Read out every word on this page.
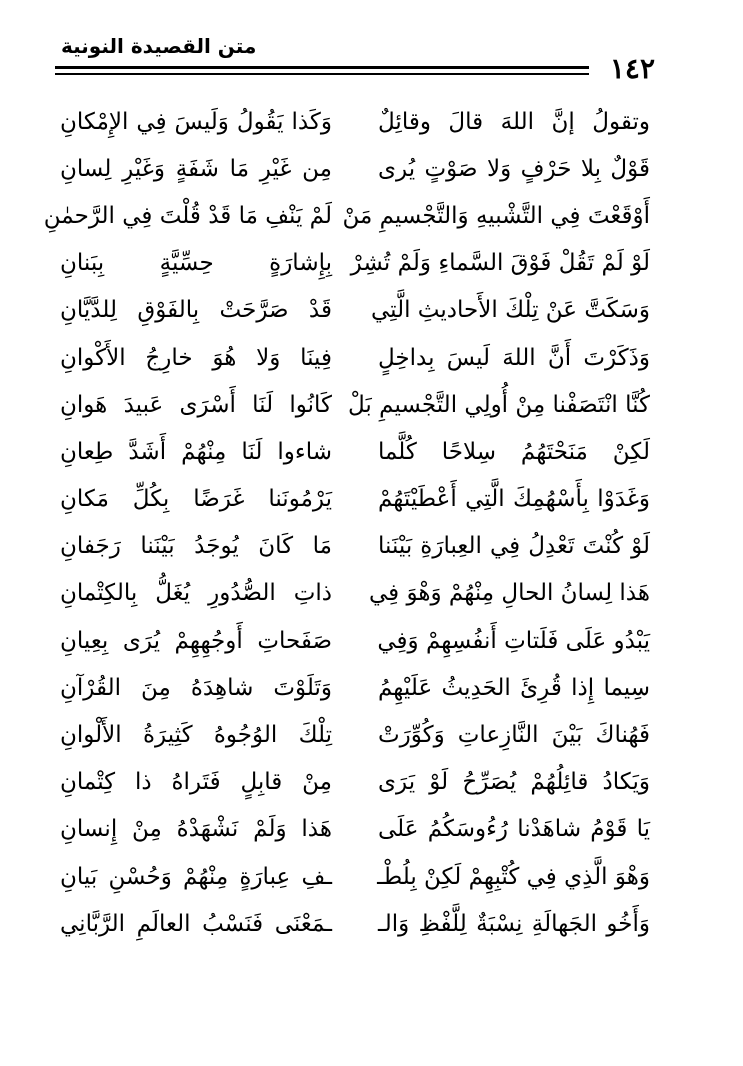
متن القصيدة النونية
١٤٢
وتقولُ إنَّ اللهَ قالَ وقائِلٌ
وَكَذا يَقُولُ وَلَيسَ فِي الإِمْكانِ
قَوْلٌ بِلا حَرْفٍ وَلا صَوْتٍ يُرى
مِن غَيْرِ مَا شَفَةٍ وَغَيْرِ لِسانِ
أَوْقَعْتَ فِي التَّشْبيهِ وَالتَّجْسيمِ مَنْ
لَمْ يَنْفِ مَا قَدْ قُلْتَ فِي الرَّحمٰنِ
لَوْ لَمْ تَقُلْ فَوْقَ السَّماءِ وَلَمْ تُشِرْ
بِإِشارَةٍ حِسِّيَّةٍ بِبَنانِ
وَسَكَتَّ عَنْ تِلْكَ الأَحاديثِ الَّتِي
قَدْ صَرَّحَتْ بِالفَوْقِ لِلدَّيَّانِ
وَذَكَرْتَ أَنَّ اللهَ لَيسَ بِداخِلٍ
فِينَا وَلا هُوَ خارِجُ الأَكْوانِ
كُنَّا انْتَصَفْنا مِنْ أُولِي التَّجْسيمِ بَلْ
كَانُوا لَنَا أَسْرَى عَبيدَ هَوانِ
لَكِنْ مَنَحْتَهُمُ سِلاحًا كُلَّما
شاءوا لَنَا مِنْهُمْ أَشَدَّ طِعانِ
وَغَدَوْا بِأَسْهُمِكَ الَّتِي أَعْطَيْتَهُمْ
يَرْمُونَنا غَرَضًا بِكُلِّ مَكانِ
لَوْ كُنْتَ تَعْدِلُ فِي العِبارَةِ بَيْنَنا
مَا كَانَ يُوجَدُ بَيْنَنا رَجَفانِ
هَذا لِسانُ الحالِ مِنْهُمْ وَهْوَ فِي
ذاتِ الصُّدُورِ يُغَلُّ بِالكِتْمانِ
يَبْدُو عَلَى فَلَتاتِ أَنفُسِهِمْ وَفِي
صَفَحاتِ أَوجُهِهِمْ يُرَى بِعِيانِ
سِيما إِذا قُرِئَ الحَدِيثُ عَلَيْهِمُ
وَتَلَوْتَ شاهِدَهُ مِنَ القُرْآنِ
فَهُناكَ بَيْنَ النَّازِعاتِ وَكُوِّرَتْ
تِلْكَ الوُجُوهُ كَثِيرَةُ الأَلْوانِ
وَيَكادُ قائِلُهُمْ يُصَرِّحُ لَوْ يَرَى
مِنْ قابِلٍ فَتَراهُ ذا كِتْمانِ
يَا قَوْمُ شاهَدْنا رُءُوسَكُمُ عَلَى
هَذا وَلَمْ نَشْهَدْهُ مِنْ إِنسانِ
وَهْوَ الَّذِي فِي كُتْبِهِمْ لَكِنْ بِلُطْـ
ـفِ عِبارَةٍ مِنْهُمْ وَحُسْنِ بَيانِ
وَأَخُو الجَهالَةِ نِسْبَةٌ لِلَّفْظِ وَالـ
ـمَعْنَى فَنَسْبُ العالَمِ الرَّبَّانِي
